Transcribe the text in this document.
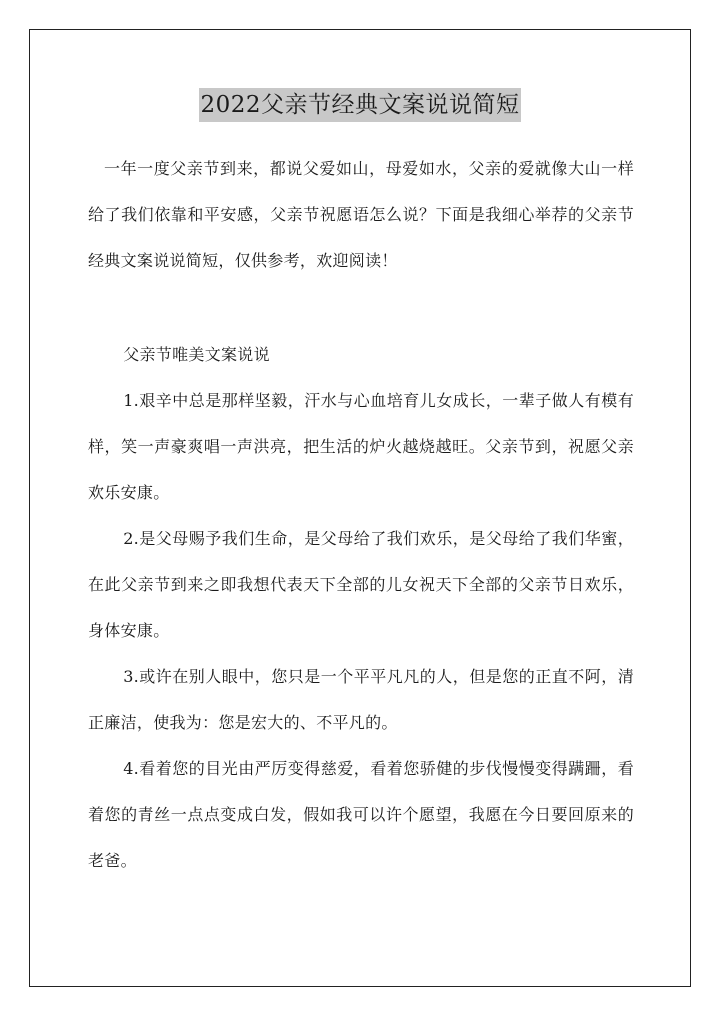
2022父亲节经典文案说说简短

一年一度父亲节到来，都说父爱如山，母爱如水，父亲的爱就像大山一样给了我们依靠和平安感，父亲节祝愿语怎么说？下面是我细心举荐的父亲节经典文案说说简短，仅供参考，欢迎阅读！

父亲节唯美文案说说

1.艰辛中总是那样坚毅，汗水与心血培育儿女成长，一辈子做人有模有样，笑一声豪爽唱一声洪亮，把生活的炉火越烧越旺。父亲节到，祝愿父亲欢乐安康。

2.是父母赐予我们生命，是父母给了我们欢乐，是父母给了我们华蜜，在此父亲节到来之即我想代表天下全部的儿女祝天下全部的父亲节日欢乐，身体安康。

3.或许在别人眼中，您只是一个平平凡凡的人，但是您的正直不阿，清正廉洁，使我为：您是宏大的、不平凡的。

4.看着您的目光由严厉变得慈爱，看着您骄健的步伐慢慢变得蹒跚，看着您的青丝一点点变成白发，假如我可以许个愿望，我愿在今日要回原来的老爸。
